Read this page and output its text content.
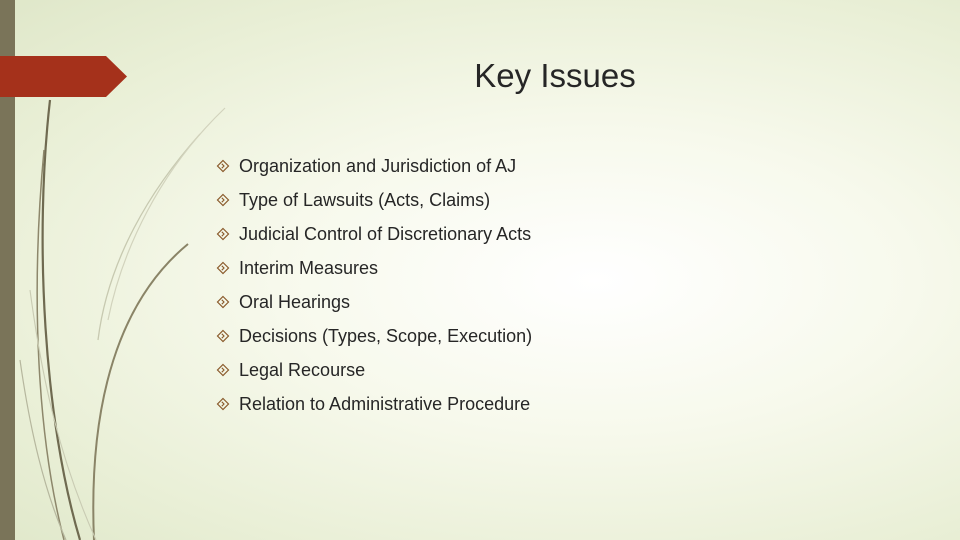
Key Issues
Organization and Jurisdiction of AJ
Type of Lawsuits (Acts, Claims)
Judicial Control of Discretionary Acts
Interim Measures
Oral Hearings
Decisions (Types, Scope, Execution)
Legal Recourse
Relation to Administrative Procedure
